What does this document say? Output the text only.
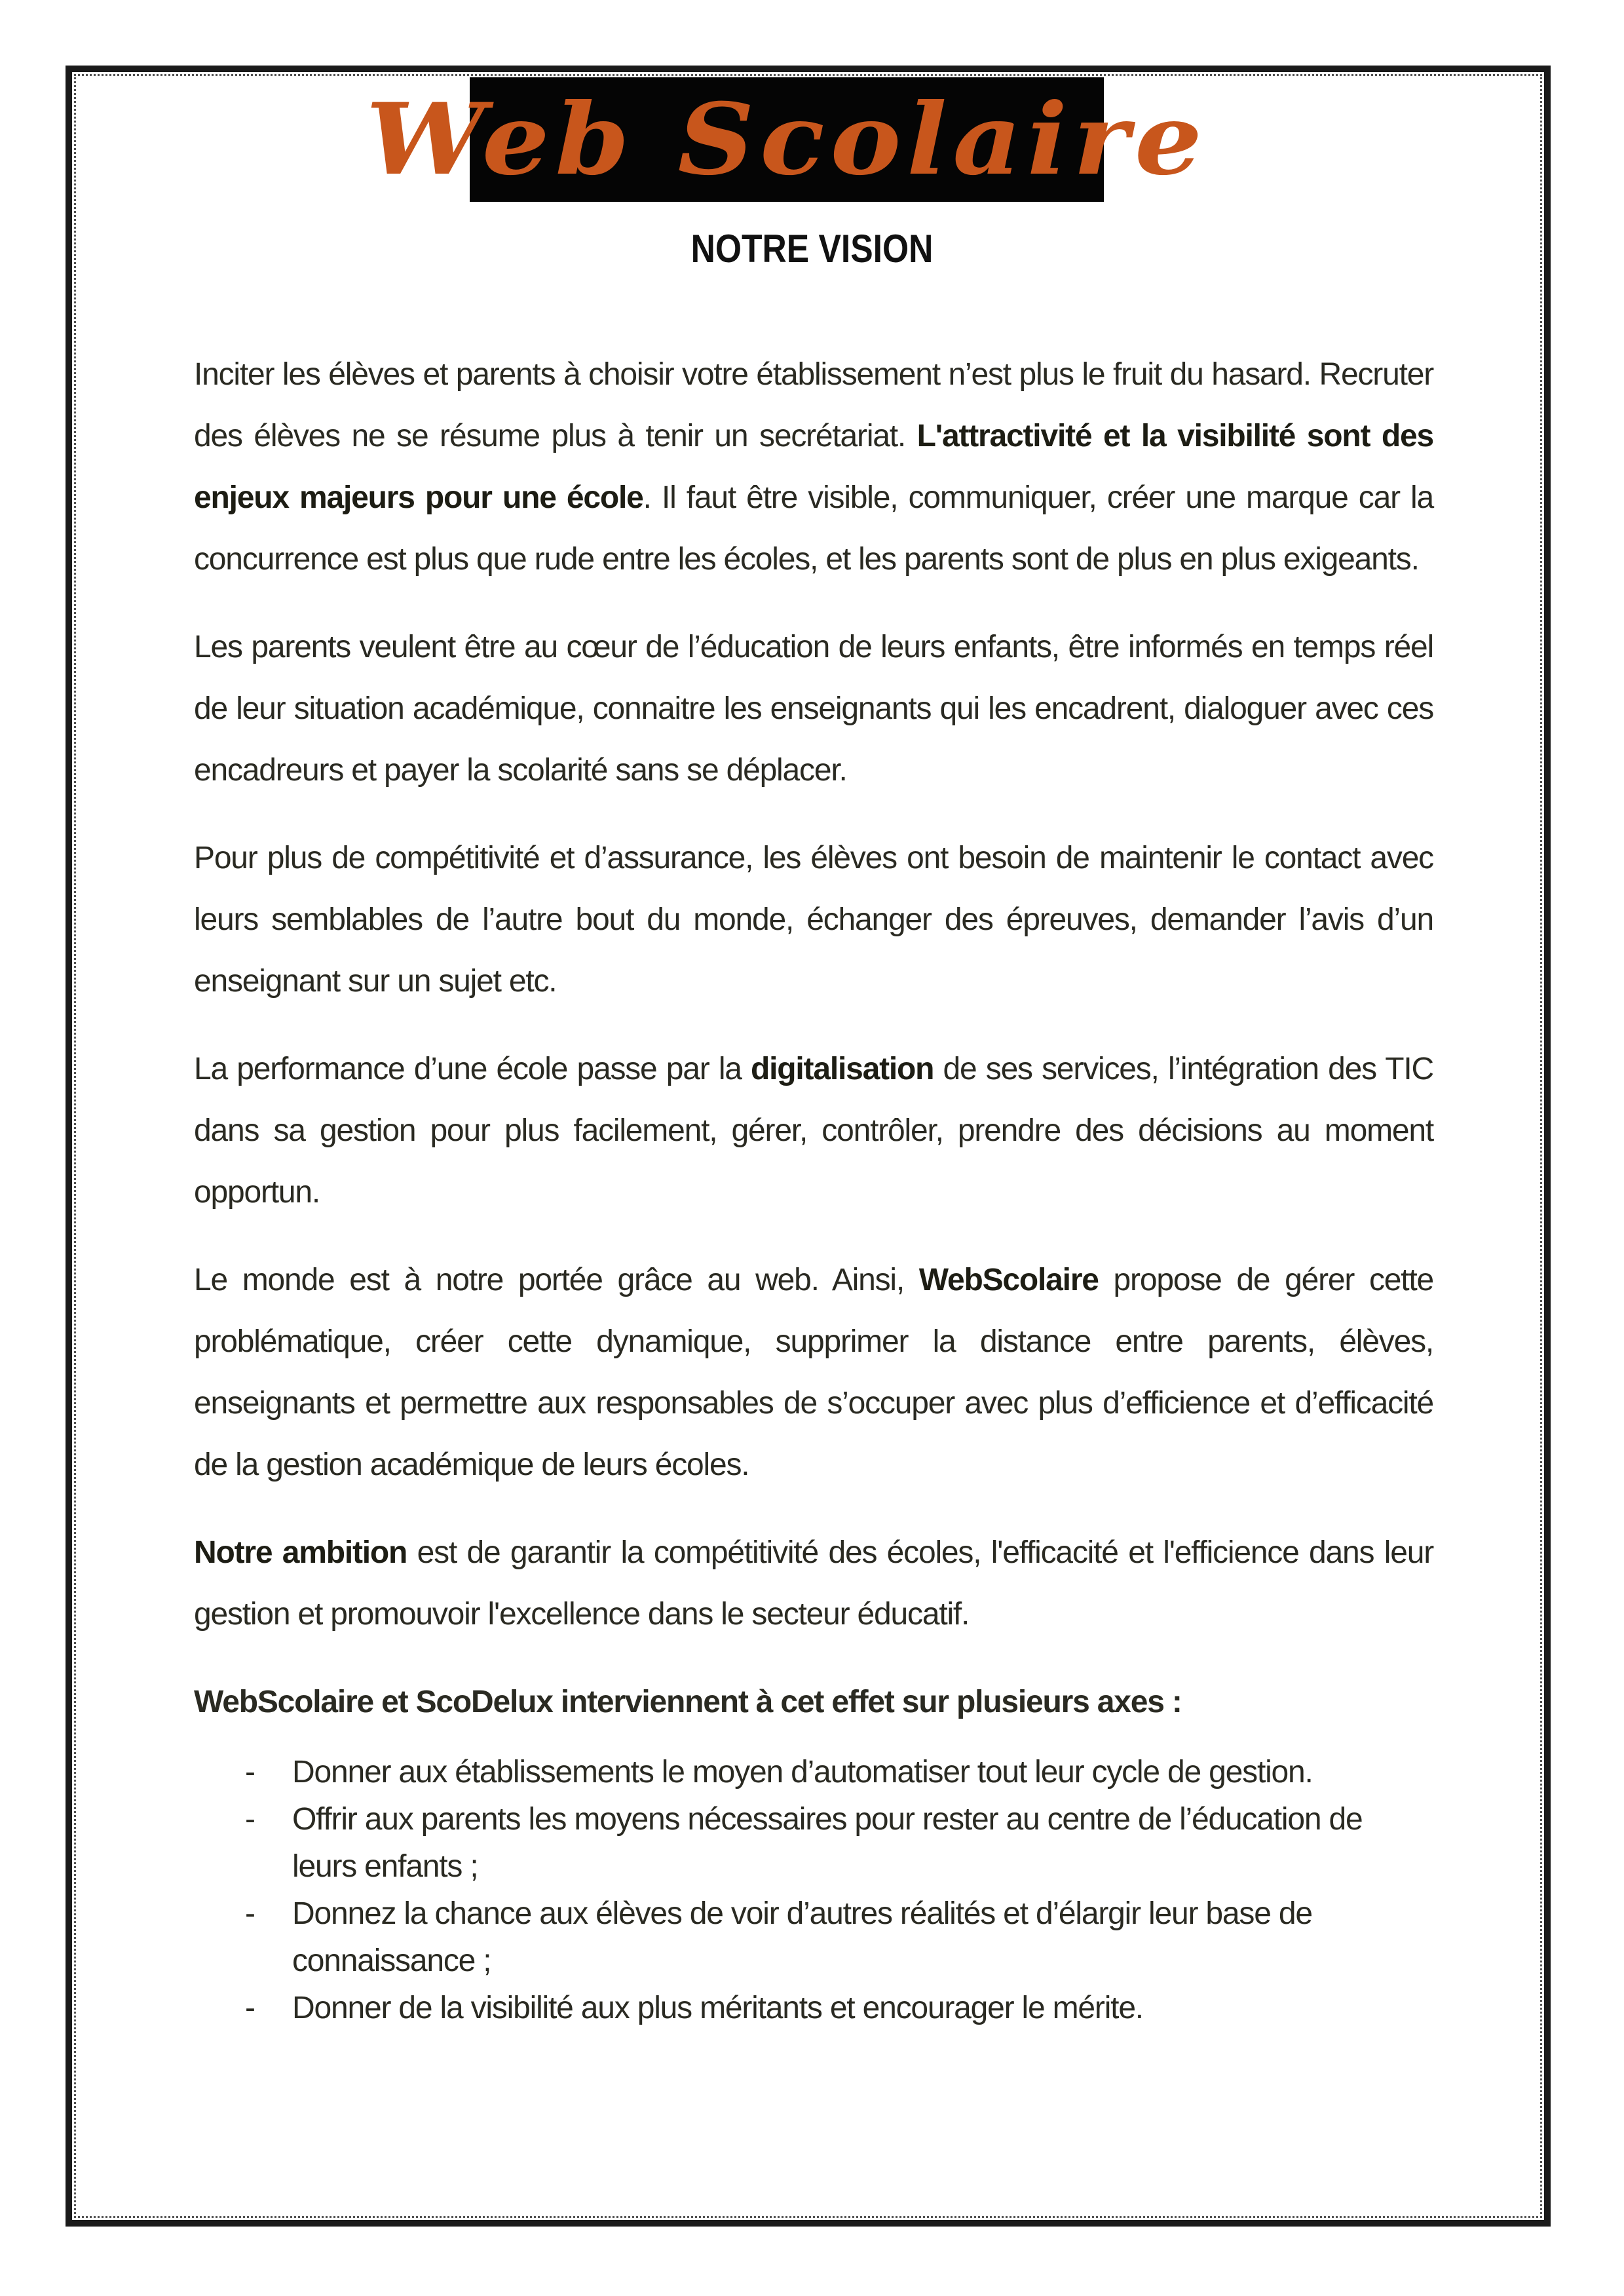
Web Scolaire
NOTRE VISION

Inciter les élèves et parents à choisir votre établissement n’est plus le fruit du hasard. Recruter des élèves ne se résume plus à tenir un secrétariat. L'attractivité et la visibilité sont des enjeux majeurs pour une école. Il faut être visible, communiquer, créer une marque car la concurrence est plus que rude entre les écoles, et les parents sont de plus en plus exigeants.

Les parents veulent être au cœur de l’éducation de leurs enfants, être informés en temps réel de leur situation académique, connaitre les enseignants qui les encadrent, dialoguer avec ces encadreurs et payer la scolarité sans se déplacer.

Pour plus de compétitivité et d’assurance, les élèves ont besoin de maintenir le contact avec leurs semblables de l’autre bout du monde, échanger des épreuves, demander l’avis d’un enseignant sur un sujet etc.

La performance d’une école passe par la digitalisation de ses services, l’intégration des TIC dans sa gestion pour plus facilement, gérer, contrôler, prendre des décisions au moment opportun.

Le monde est à notre portée grâce au web. Ainsi, WebScolaire propose de gérer cette problématique, créer cette dynamique, supprimer la distance entre parents, élèves, enseignants et permettre aux responsables de s’occuper avec plus d’efficience et d’efficacité de la gestion académique de leurs écoles.

Notre ambition est de garantir la compétitivité des écoles, l'efficacité et l'efficience dans leur gestion et promouvoir l'excellence dans le secteur éducatif.

WebScolaire et ScoDelux interviennent à cet effet sur plusieurs axes :
- Donner aux établissements le moyen d’automatiser tout leur cycle de gestion.
- Offrir aux parents les moyens nécessaires pour rester au centre de l’éducation de leurs enfants ;
- Donnez la chance aux élèves de voir d’autres réalités et d’élargir leur base de connaissance ;
- Donner de la visibilité aux plus méritants et encourager le mérite.
